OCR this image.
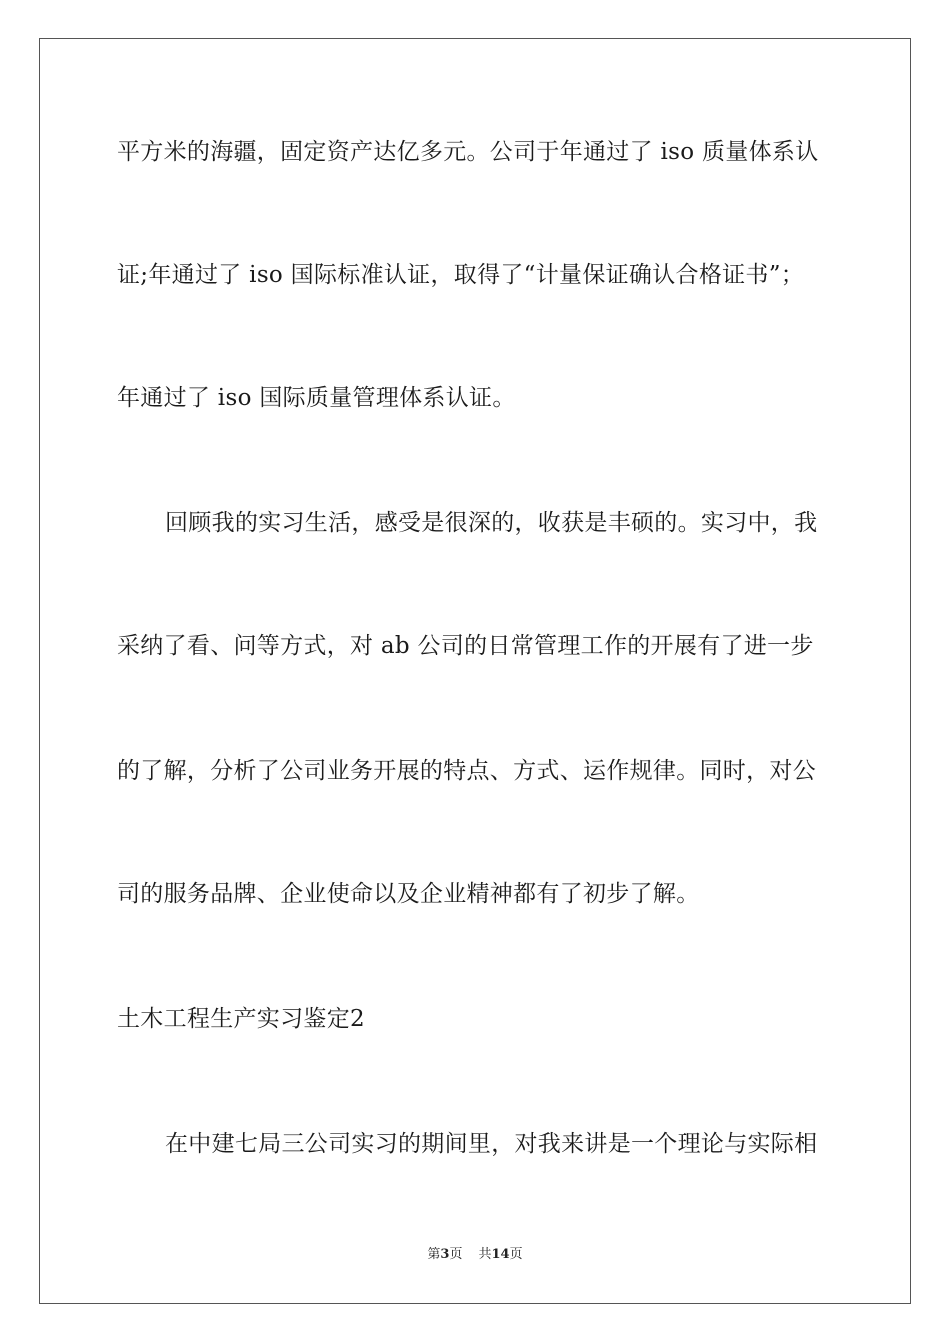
平方米的海疆，固定资产达亿多元。公司于年通过了 iso 质量体系认
证;年通过了 iso 国际标准认证，取得了“计量保证确认合格证书”；
年通过了 iso 国际质量管理体系认证。
回顾我的实习生活，感受是很深的，收获是丰硕的。实习中，我
采纳了看、问等方式，对 ab 公司的日常管理工作的开展有了进一步
的了解，分析了公司业务开展的特点、方式、运作规律。同时，对公
司的服务品牌、企业使命以及企业精神都有了初步了解。
土木工程生产实习鉴定2
在中建七局三公司实习的期间里，对我来讲是一个理论与实际相
第3页 共14页
